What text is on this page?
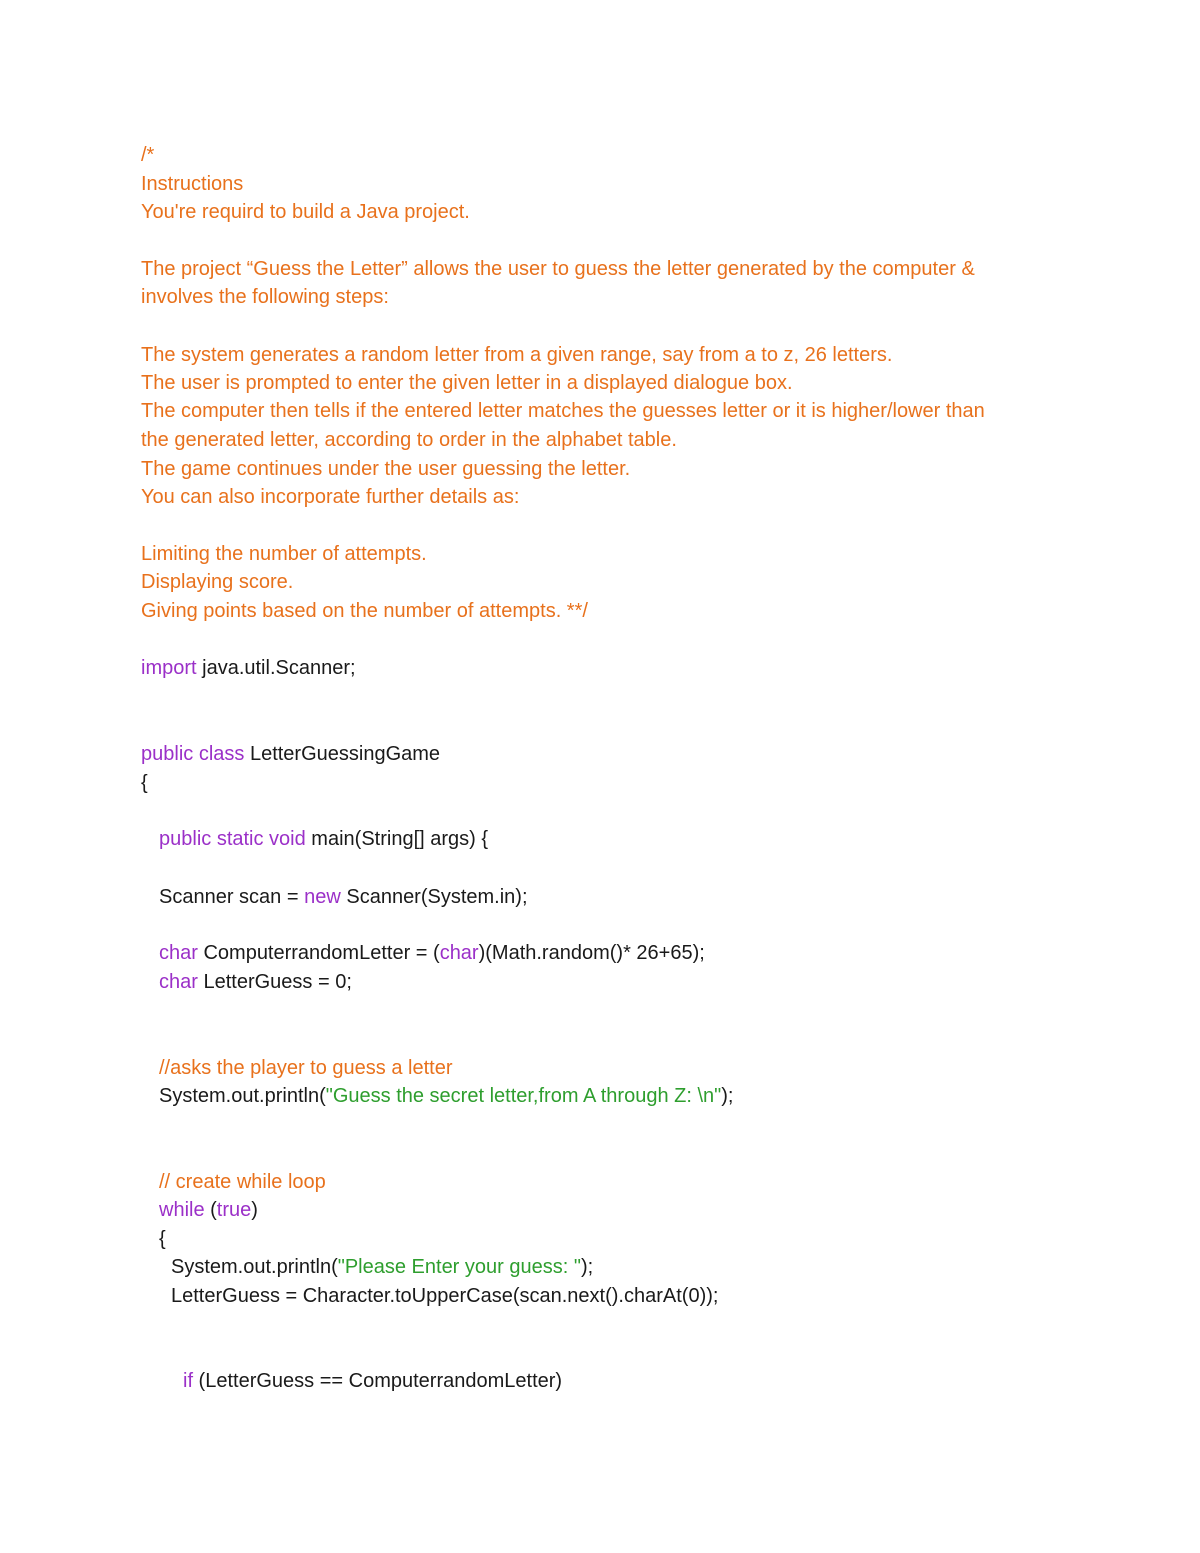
/*
Instructions
You're requird to build a Java project.
The project “Guess the Letter” allows the user to guess the letter generated by the computer &
involves the following steps:
The system generates a random letter from a given range, say from a to z, 26 letters.
The user is prompted to enter the given letter in a displayed dialogue box.
The computer then tells if the entered letter matches the guesses letter or it is higher/lower than
the generated letter, according to order in the alphabet table.
The game continues under the user guessing the letter.
You can also incorporate further details as:
Limiting the number of attempts.
Displaying score.
Giving points based on the number of attempts. **/
import java.util.Scanner;
public class LetterGuessingGame
{
public static void main(String[] args) {
Scanner scan = new Scanner(System.in);
char ComputerrandomLetter = (char)(Math.random()* 26+65);
char LetterGuess = 0;
//asks the player to guess a letter
System.out.println("Guess the secret letter,from A through Z: \n");
// create while loop
while (true)
{
System.out.println("Please Enter your guess: ");
LetterGuess = Character.toUpperCase(scan.next().charAt(0));
if (LetterGuess == ComputerrandomLetter)
